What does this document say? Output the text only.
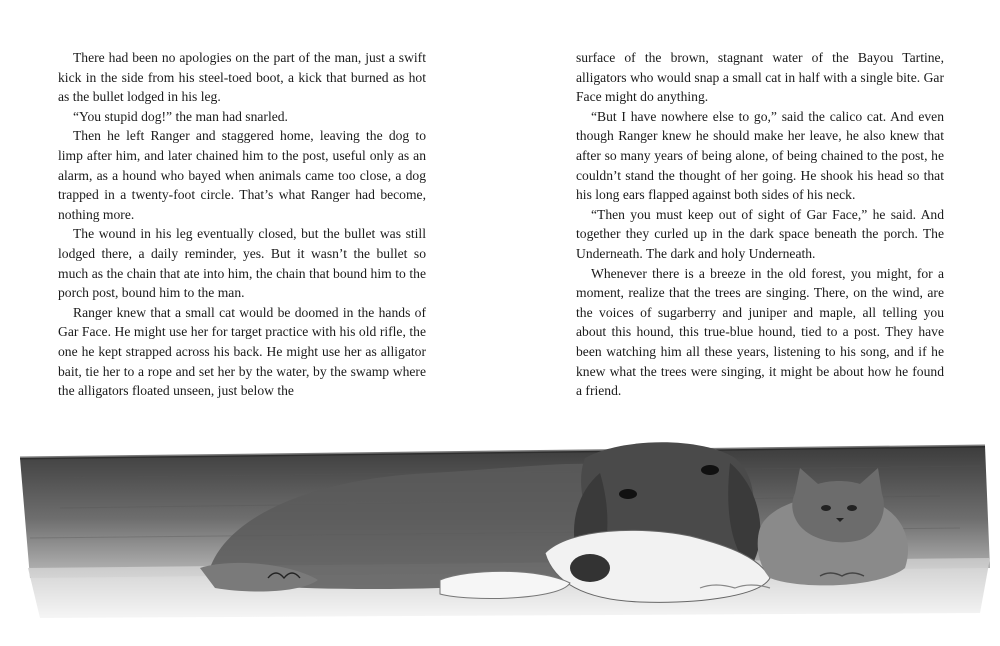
There had been no apologies on the part of the man, just a swift kick in the side from his steel-toed boot, a kick that burned as hot as the bullet lodged in his leg.

“You stupid dog!” the man had snarled.

Then he left Ranger and staggered home, leaving the dog to limp after him, and later chained him to the post, useful only as an alarm, as a hound who bayed when animals came too close, a dog trapped in a twenty-foot circle. That’s what Ranger had become, nothing more.

The wound in his leg eventually closed, but the bullet was still lodged there, a daily reminder, yes. But it wasn’t the bullet so much as the chain that ate into him, the chain that bound him to the porch post, bound him to the man.

Ranger knew that a small cat would be doomed in the hands of Gar Face. He might use her for target practice with his old rifle, the one he kept strapped across his back. He might use her as alligator bait, tie her to a rope and set her by the water, by the swamp where the alligators floated unseen, just below the

surface of the brown, stagnant water of the Bayou Tartine, alligators who would snap a small cat in half with a single bite. Gar Face might do anything.

“But I have nowhere else to go,” said the calico cat. And even though Ranger knew he should make her leave, he also knew that after so many years of being alone, of being chained to the post, he couldn’t stand the thought of her going. He shook his head so that his long ears flapped against both sides of his neck.

“Then you must keep out of sight of Gar Face,” he said. And together they curled up in the dark space beneath the porch. The Underneath. The dark and holy Underneath.

Whenever there is a breeze in the old forest, you might, for a moment, realize that the trees are singing. There, on the wind, are the voices of sugarberry and juniper and maple, all telling you about this hound, this true-blue hound, tied to a post. They have been watching him all these years, listening to his song, and if he knew what the trees were singing, it might be about how he found a friend.
